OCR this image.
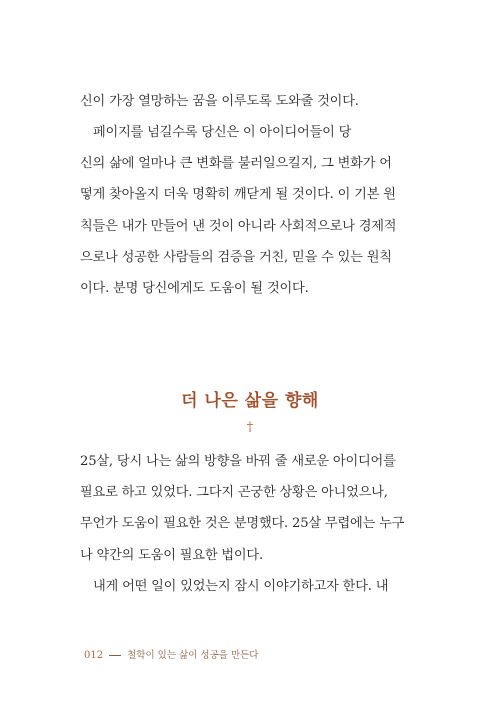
신이 가장 열망하는 꿈을 이루도록 도와줄 것이다.
페이지를 넘길수록 당신은 이 아이디어들이 당
신의 삶에 얼마나 큰 변화를 불러일으킬지, 그 변화가 어
떻게 찾아올지 더욱 명확히 깨닫게 될 것이다. 이 기본 원
칙들은 내가 만들어 낸 것이 아니라 사회적으로나 경제적
으로나 성공한 사람들의 검증을 거친, 믿을 수 있는 원칙
이다. 분명 당신에게도 도움이 될 것이다.
더 나은 삶을 향해
†
25살, 당시 나는 삶의 방향을 바꿔 줄 새로운 아이디어를
필요로 하고 있었다. 그다지 곤궁한 상황은 아니었으나,
무언가 도움이 필요한 것은 분명했다. 25살 무렵에는 누구
나 약간의 도움이 필요한 법이다.
내게 어떤 일이 있었는지 잠시 이야기하고자 한다. 내
012	철학이 있는 삶이 성공을 만든다
